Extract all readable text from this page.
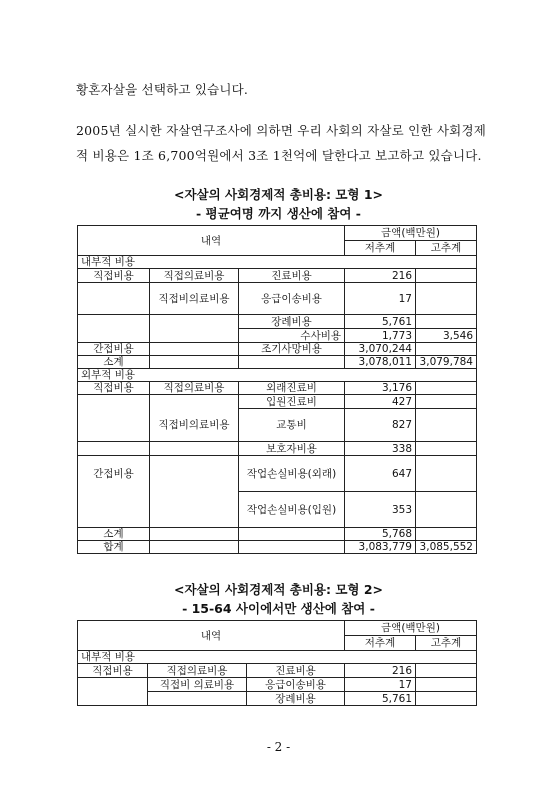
황혼자살을 선택하고 있습니다.
2005년 실시한 자살연구조사에 의하면 우리 사회의 자살로 인한 사회경제적 비용은 1조 6,700억원에서 3조 1천억에 달한다고 보고하고 있습니다.
<자살의 사회경제적 총비용: 모형 1>
- 평균여명 까지 생산에 참여 -
내역			금액(백만원)	
			저추계	고추계
내부적 비용				
직접비용	직접의료비용	진료비용	216	
	직접비의료비용	응급이송비용	17	
		장례비용	5,761	
		수사비용	1,773	3,546
간접비용		조기사망비용	3,070,244	
소계			3,078,011	3,079,784
외부적 비용				
직접비용	직접의료비용	외래진료비	3,176	
		입원진료비	427	
	직접비의료비용	교통비	827	
		보호자비용	338	
간접비용		작업손실비용(외래)	647	
		작업손실비용(입원)	353	
소계			5,768	
합계			3,083,779	3,085,552
<자살의 사회경제적 총비용: 모형 2>
- 15-64 사이에서만 생산에 참여 -
내역			금액(백만원)	
			저추계	고추계
내부적 비용				
직접비용	직접의료비용	진료비용	216	
	직접비 의료비용	응급이송비용	17	
		장례비용	5,761	
- 2 -
